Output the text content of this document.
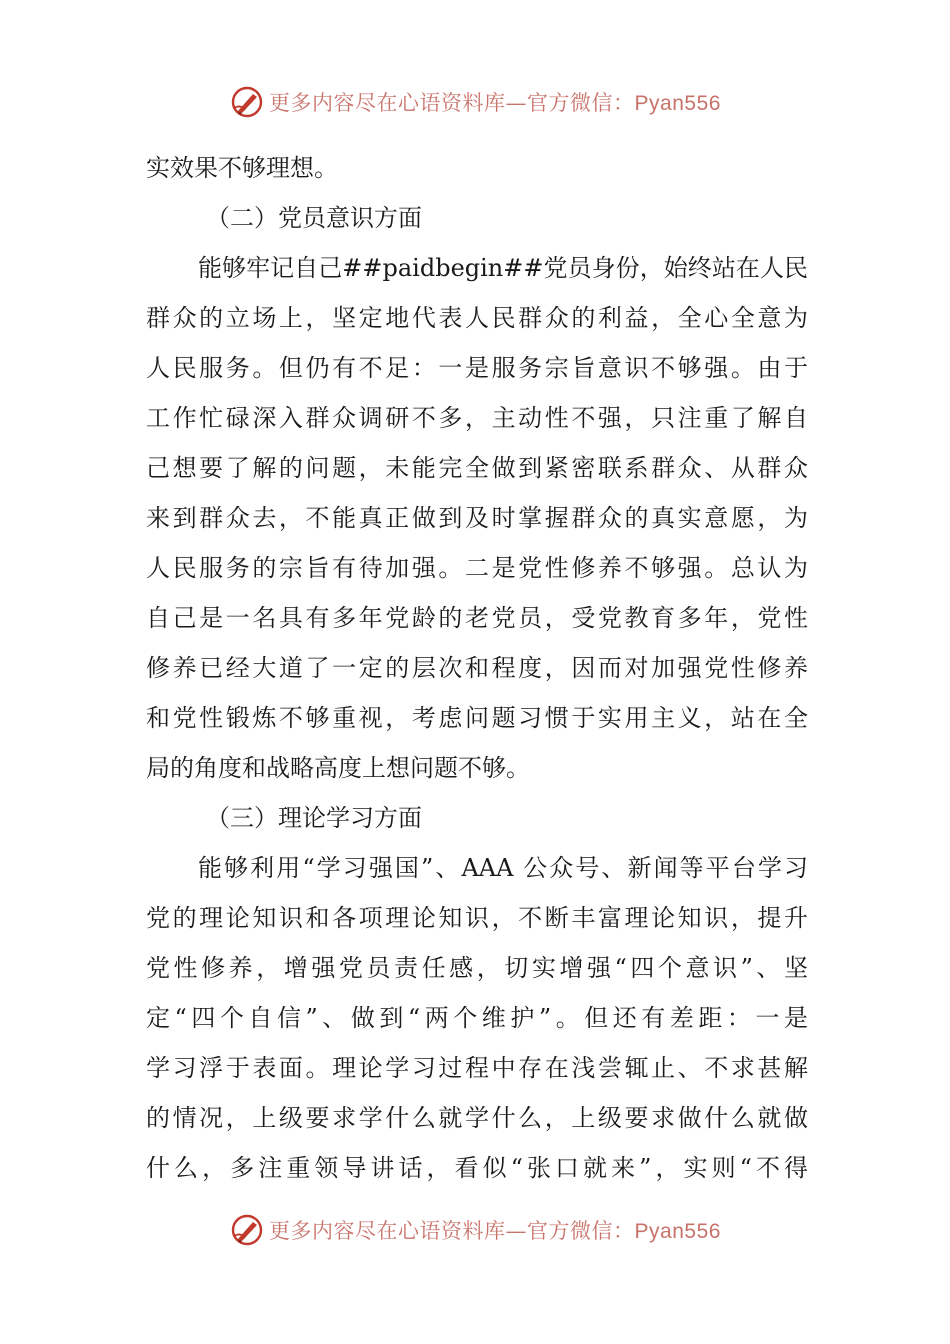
更多内容尽在心语资料库—官方微信：Pyan556
实效果不够理想。
（二）党员意识方面
能够牢记自己##paidbegin##党员身份，始终站在人民
群众的立场上，坚定地代表人民群众的利益，全心全意为
人民服务。但仍有不足：一是服务宗旨意识不够强。由于
工作忙碌深入群众调研不多，主动性不强，只注重了解自
己想要了解的问题，未能完全做到紧密联系群众、从群众
来到群众去，不能真正做到及时掌握群众的真实意愿，为
人民服务的宗旨有待加强。二是党性修养不够强。总认为
自己是一名具有多年党龄的老党员，受党教育多年，党性
修养已经大道了一定的层次和程度，因而对加强党性修养
和党性锻炼不够重视，考虑问题习惯于实用主义，站在全
局的角度和战略高度上想问题不够。
（三）理论学习方面
能够利用“学习强国”、AAA 公众号、新闻等平台学习
党的理论知识和各项理论知识，不断丰富理论知识，提升
党性修养，增强党员责任感，切实增强“四个意识”、坚
定“四个自信”、做到“两个维护”。但还有差距：一是
学习浮于表面。理论学习过程中存在浅尝辄止、不求甚解
的情况，上级要求学什么就学什么，上级要求做什么就做
什么，多注重领导讲话，看似“张口就来”，实则“不得
更多内容尽在心语资料库—官方微信：Pyan556
